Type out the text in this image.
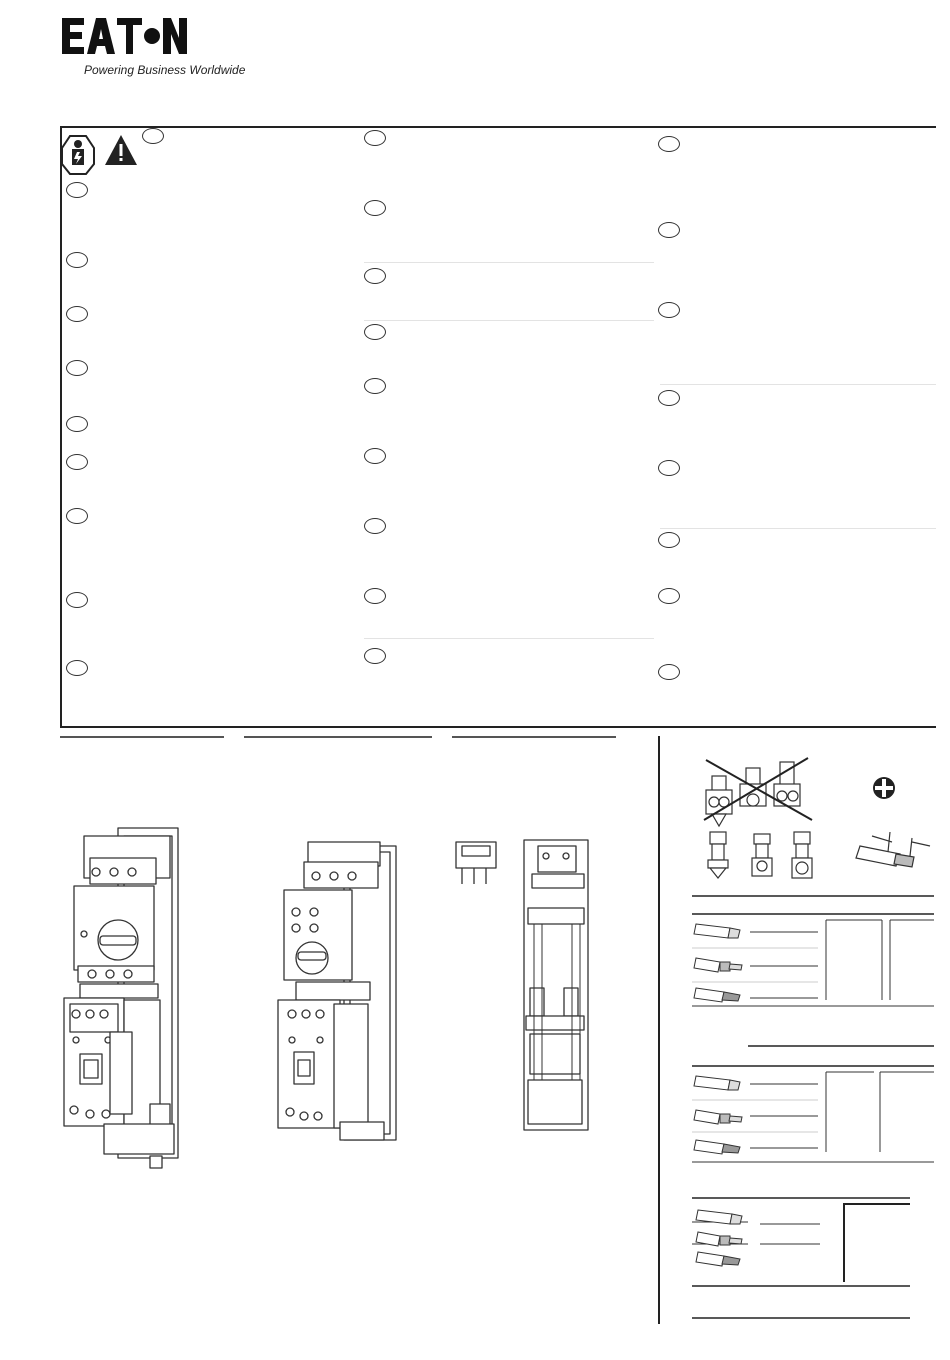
Powering Business Worldwide
